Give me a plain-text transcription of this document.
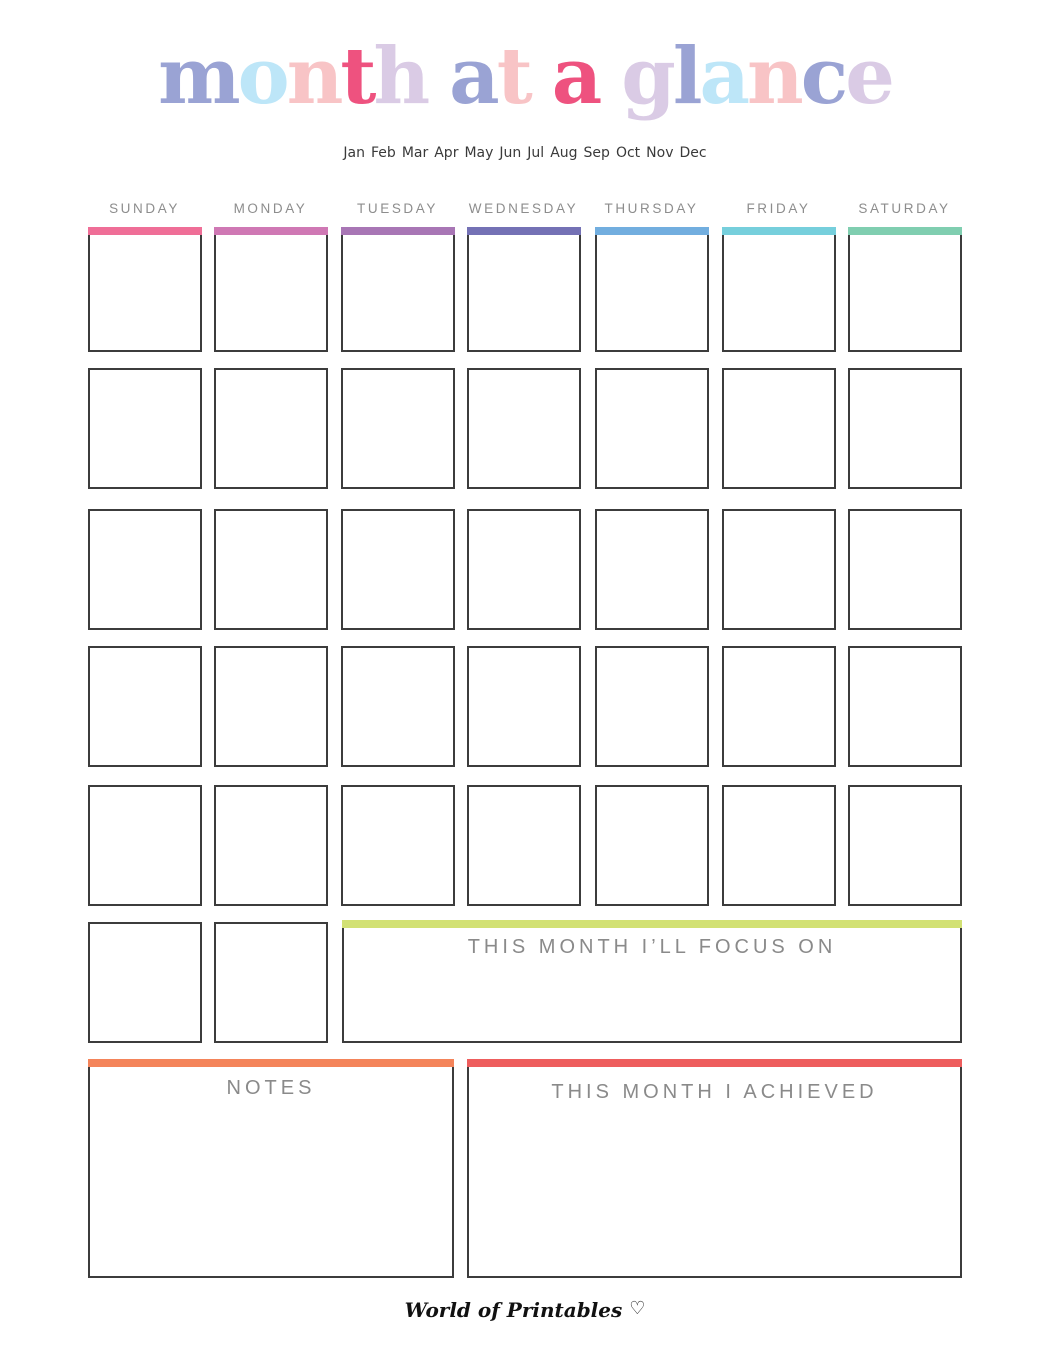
month at a glance
Jan Feb Mar Apr May Jun Jul Aug Sep Oct Nov Dec
SUNDAY	MONDAY	TUESDAY	WEDNESDAY	THURSDAY	FRIDAY	SATURDAY
THIS MONTH I’LL FOCUS ON
NOTES	THIS MONTH I ACHIEVED
World of Printables ♡
